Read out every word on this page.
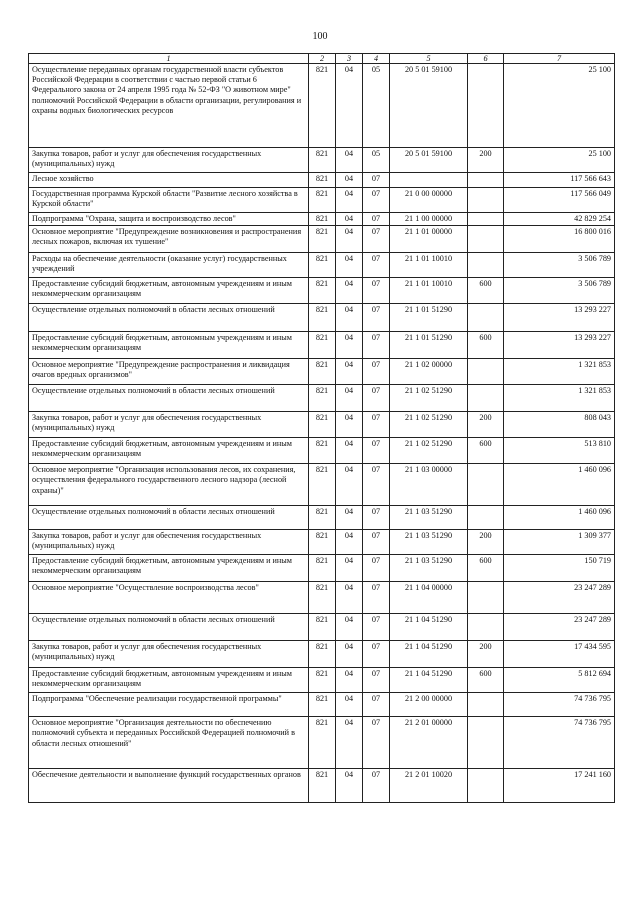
100
1	2	3	4	5	6	7
Осуществление переданных органам государственной власти субъектов Российской Федерации в соответствии с частью первой статьи 6 Федерального закона от 24 апреля 1995 года № 52-ФЗ "О животном мире" полномочий Российской Федерации в области организации, регулирования и охраны водных биологических ресурсов	821	04	05	20 5 01 59100		25 100
Закупка товаров, работ и услуг для обеспечения государственных (муниципальных) нужд	821	04	05	20 5 01 59100	200	25 100
Лесное хозяйство	821	04	07			117 566 643
Государственная программа Курской области "Развитие лесного хозяйства в Курской области"	821	04	07	21 0 00 00000		117 566 049
Подпрограмма "Охрана, защита и воспроизводство лесов"	821	04	07	21 1 00 00000		42 829 254
Основное мероприятие "Предупреждение возникновения и распространения лесных пожаров, включая их тушение"	821	04	07	21 1 01 00000		16 800 016
Расходы на обеспечение деятельности (оказание услуг) государственных учреждений	821	04	07	21 1 01 10010		3 506 789
Предоставление субсидий бюджетным, автономным учреждениям и иным некоммерческим организациям	821	04	07	21 1 01 10010	600	3 506 789
Осуществление отдельных полномочий в области лесных отношений	821	04	07	21 1 01 51290		13 293 227
Предоставление субсидий бюджетным, автономным учреждениям и иным некоммерческим организациям	821	04	07	21 1 01 51290	600	13 293 227
Основное мероприятие "Предупреждение распространения и ликвидация очагов вредных организмов"	821	04	07	21 1 02 00000		1 321 853
Осуществление отдельных полномочий в области лесных отношений	821	04	07	21 1 02 51290		1 321 853
Закупка товаров, работ и услуг для обеспечения государственных (муниципальных) нужд	821	04	07	21 1 02 51290	200	808 043
Предоставление субсидий бюджетным, автономным учреждениям и иным некоммерческим организациям	821	04	07	21 1 02 51290	600	513 810
Основное мероприятие "Организация использования лесов, их сохранения, осуществления федерального государственного лесного надзора (лесной охраны)"	821	04	07	21 1 03 00000		1 460 096
Осуществление отдельных полномочий в области лесных отношений	821	04	07	21 1 03 51290		1 460 096
Закупка товаров, работ и услуг для обеспечения государственных (муниципальных) нужд	821	04	07	21 1 03 51290	200	1 309 377
Предоставление субсидий бюджетным, автономным учреждениям и иным некоммерческим организациям	821	04	07	21 1 03 51290	600	150 719
Основное мероприятие "Осуществление воспроизводства лесов"	821	04	07	21 1 04 00000		23 247 289
Осуществление отдельных полномочий в области лесных отношений	821	04	07	21 1 04 51290		23 247 289
Закупка товаров, работ и услуг для обеспечения государственных (муниципальных) нужд	821	04	07	21 1 04 51290	200	17 434 595
Предоставление субсидий бюджетным, автономным учреждениям и иным некоммерческим организациям	821	04	07	21 1 04 51290	600	5 812 694
Подпрограмма "Обеспечение реализации государственной программы"	821	04	07	21 2 00 00000		74 736 795
Основное мероприятие "Организация деятельности по обеспечению полномочий субъекта и переданных Российской Федерацией полномочий в области лесных отношений"	821	04	07	21 2 01 00000		74 736 795
Обеспечение деятельности и выполнение функций государственных органов	821	04	07	21 2 01 10020		17 241 160
